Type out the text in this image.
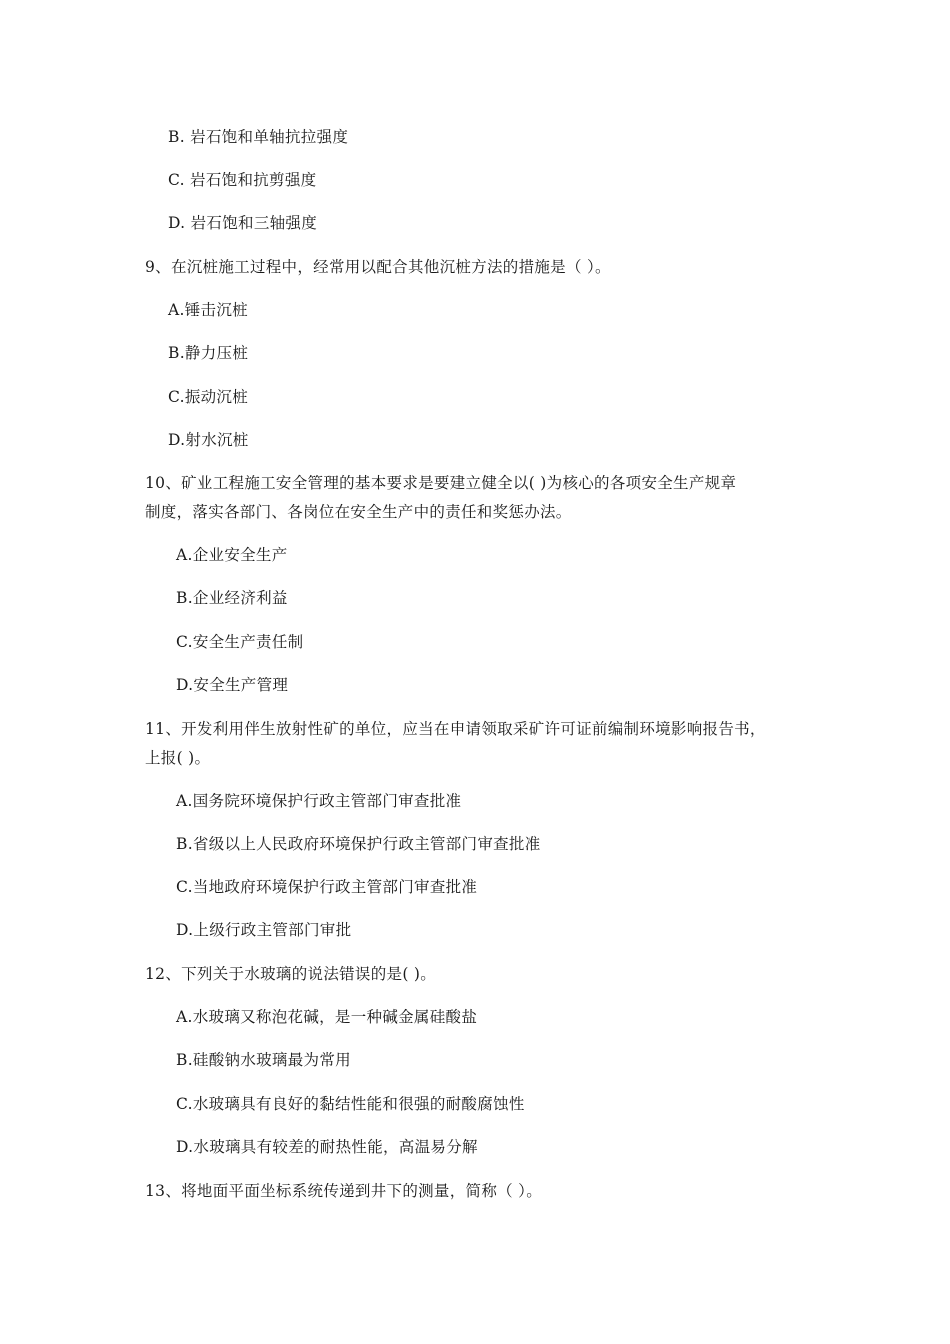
B. 岩石饱和单轴抗拉强度
C. 岩石饱和抗剪强度
D. 岩石饱和三轴强度
9、在沉桩施工过程中，经常用以配合其他沉桩方法的措施是（ ）。
A.锤击沉桩
B.静力压桩
C.振动沉桩
D.射水沉桩
10、矿业工程施工安全管理的基本要求是要建立健全以( )为核心的各项安全生产规章
制度，落实各部门、各岗位在安全生产中的责任和奖惩办法。
A.企业安全生产
B.企业经济利益
C.安全生产责任制
D.安全生产管理
11、开发利用伴生放射性矿的单位，应当在申请领取采矿许可证前编制环境影响报告书，
上报( )。
A.国务院环境保护行政主管部门审查批准
B.省级以上人民政府环境保护行政主管部门审查批准
C.当地政府环境保护行政主管部门审查批准
D.上级行政主管部门审批
12、下列关于水玻璃的说法错误的是( )。
A.水玻璃又称泡花碱，是一种碱金属硅酸盐
B.硅酸钠水玻璃最为常用
C.水玻璃具有良好的黏结性能和很强的耐酸腐蚀性
D.水玻璃具有较差的耐热性能，高温易分解
13、将地面平面坐标系统传递到井下的测量，简称（ ）。
